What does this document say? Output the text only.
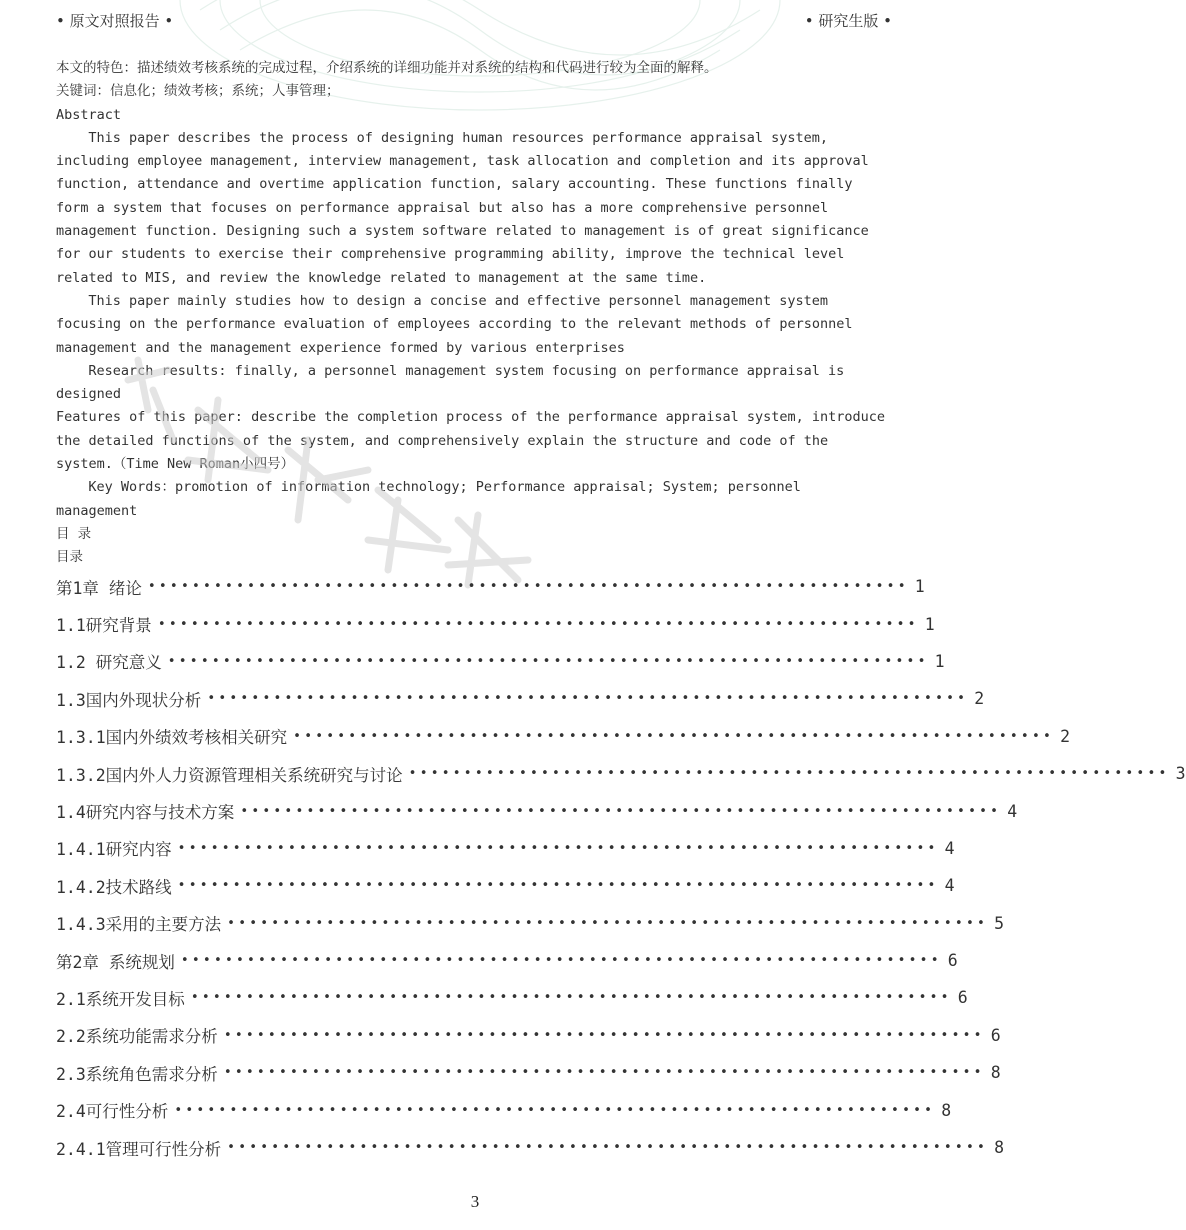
• 原文对照报告 •	• 研究生版 •

本文的特色：描述绩效考核系统的完成过程，介绍系统的详细功能并对系统的结构和代码进行较为全面的解释。

关键词：信息化；绩效考核；系统；人事管理；

Abstract

This paper describes the process of designing human resources performance appraisal system, including employee management, interview management, task allocation and completion and its approval function, attendance and overtime application function, salary accounting. These functions finally form a system that focuses on performance appraisal but also has a more comprehensive personnel management function. Designing such a system software related to management is of great significance for our students to exercise their comprehensive programming ability, improve the technical level related to MIS, and review the knowledge related to management at the same time.

This paper mainly studies how to design a concise and effective personnel management system focusing on the performance evaluation of employees according to the relevant methods of personnel management and the management experience formed by various enterprises

Research results: finally, a personnel management system focusing on performance appraisal is designed

Features of this paper: describe the completion process of the performance appraisal system, introduce the detailed functions of the system, and comprehensively explain the structure and code of the system.（Time New Roman小四号）

Key Words：promotion of information technology; Performance appraisal; System; personnel management

目 录

目录

第1章 绪论 ••••••••••••••••••••••••••••••••••••••••••••••••••••••••••••••••••••• 1
1.1研究背景 ••••••••••••••••••••••••••••••••••••••••••••••••••••••••••••••••••••• 1
1.2 研究意义 ••••••••••••••••••••••••••••••••••••••••••••••••••••••••••••••••••••• 1
1.3国内外现状分析 ••••••••••••••••••••••••••••••••••••••••••••••••••••••••••••••••••••• 2
1.3.1国内外绩效考核相关研究 ••••••••••••••••••••••••••••••••••••••••••••••••••••••••••••••••••••• 2
1.3.2国内外人力资源管理相关系统研究与讨论 ••••••••••••••••••••••••••••••••••••••••••••••••••••••••••••••••••••• 3
1.4研究内容与技术方案 ••••••••••••••••••••••••••••••••••••••••••••••••••••••••••••••••••••• 4
1.4.1研究内容 ••••••••••••••••••••••••••••••••••••••••••••••••••••••••••••••••••••• 4
1.4.2技术路线 ••••••••••••••••••••••••••••••••••••••••••••••••••••••••••••••••••••• 4
1.4.3采用的主要方法 ••••••••••••••••••••••••••••••••••••••••••••••••••••••••••••••••••••• 5
第2章 系统规划 ••••••••••••••••••••••••••••••••••••••••••••••••••••••••••••••••••••• 6
2.1系统开发目标 ••••••••••••••••••••••••••••••••••••••••••••••••••••••••••••••••••••• 6
2.2系统功能需求分析 ••••••••••••••••••••••••••••••••••••••••••••••••••••••••••••••••••••• 6
2.3系统角色需求分析 ••••••••••••••••••••••••••••••••••••••••••••••••••••••••••••••••••••• 8
2.4可行性分析 ••••••••••••••••••••••••••••••••••••••••••••••••••••••••••••••••••••• 8
2.4.1管理可行性分析 ••••••••••••••••••••••••••••••••••••••••••••••••••••••••••••••••••••• 8
3
